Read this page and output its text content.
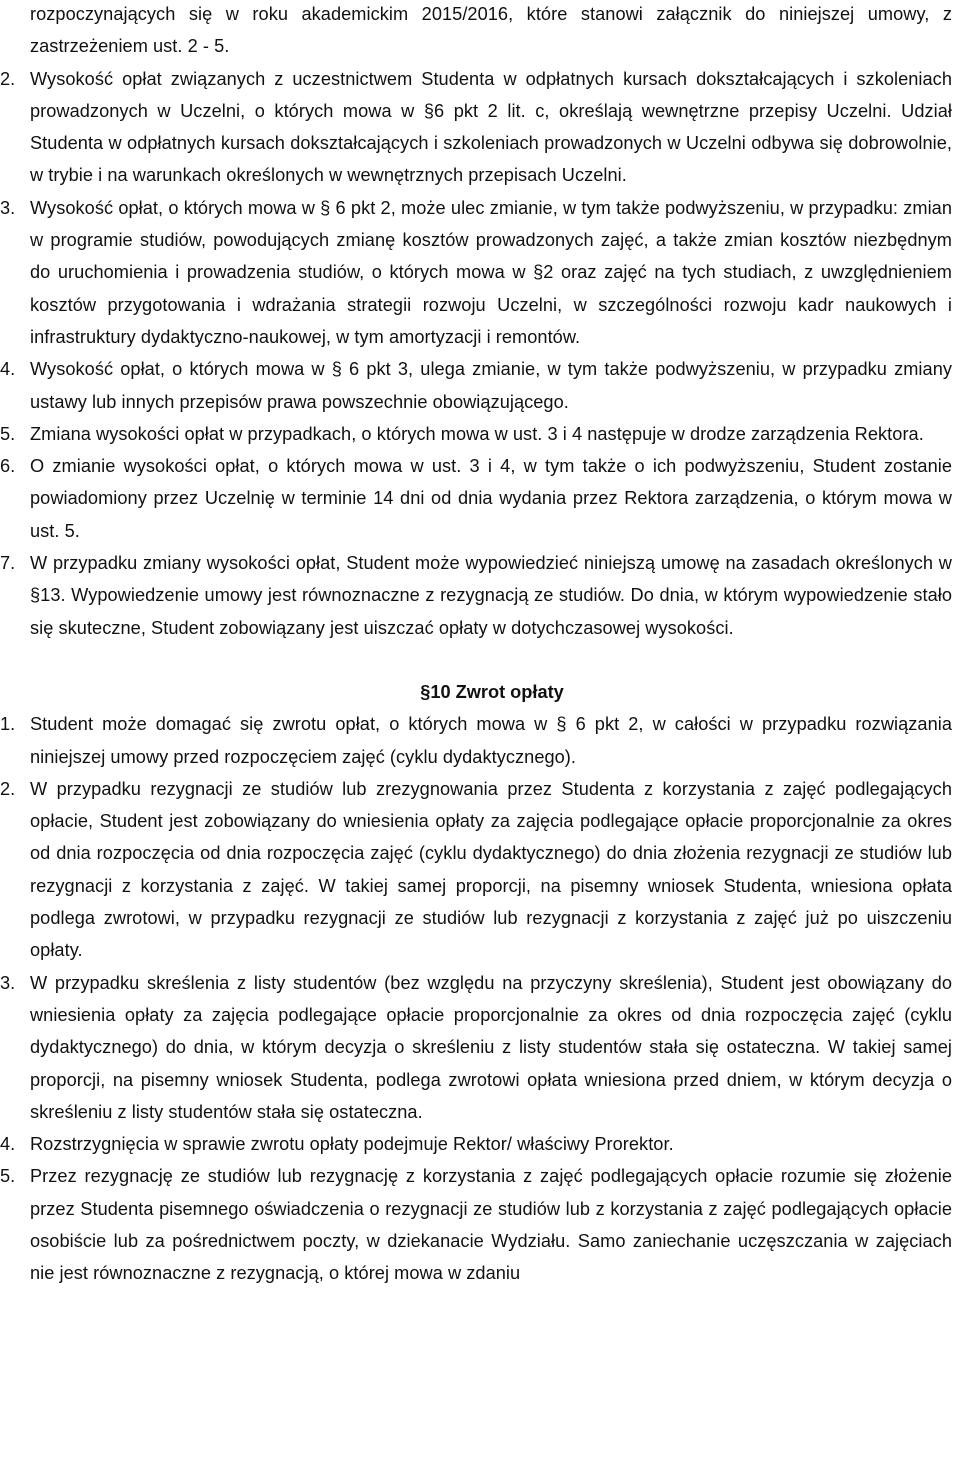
rozpoczynających się w roku akademickim 2015/2016, które stanowi załącznik do niniejszej umowy, z zastrzeżeniem ust. 2 - 5.

2. Wysokość opłat związanych z uczestnictwem Studenta w odpłatnych kursach dokształcających i szkoleniach prowadzonych w Uczelni, o których mowa w §6 pkt 2 lit. c, określają wewnętrzne przepisy Uczelni. Udział Studenta w odpłatnych kursach dokształcających i szkoleniach prowadzonych w Uczelni odbywa się dobrowolnie, w trybie i na warunkach określonych w wewnętrznych przepisach Uczelni.
3. Wysokość opłat, o których mowa w § 6 pkt 2, może ulec zmianie, w tym także podwyższeniu, w przypadku: zmian w programie studiów, powodujących zmianę kosztów prowadzonych zajęć, a także zmian kosztów niezbędnym do uruchomienia i prowadzenia studiów, o których mowa w §2 oraz zajęć na tych studiach, z uwzględnieniem kosztów przygotowania i wdrażania strategii rozwoju Uczelni, w szczególności rozwoju kadr naukowych i infrastruktury dydaktyczno-naukowej, w tym amortyzacji i remontów.
4. Wysokość opłat, o których mowa w § 6 pkt 3, ulega zmianie, w tym także podwyższeniu, w przypadku zmiany ustawy lub innych przepisów prawa powszechnie obowiązującego.
5. Zmiana wysokości opłat w przypadkach, o których mowa w ust. 3 i 4 następuje w drodze zarządzenia Rektora.
6. O zmianie wysokości opłat, o których mowa w ust. 3 i 4, w tym także o ich podwyższeniu, Student zostanie powiadomiony przez Uczelnię w terminie 14 dni od dnia wydania przez Rektora zarządzenia, o którym mowa w ust. 5.
7. W przypadku zmiany wysokości opłat, Student może wypowiedzieć niniejszą umowę na zasadach określonych w §13. Wypowiedzenie umowy jest równoznaczne z rezygnacją ze studiów. Do dnia, w którym wypowiedzenie stało się skuteczne, Student zobowiązany jest uiszczać opłaty w dotychczasowej wysokości.
§10 Zwrot opłaty
1. Student może domagać się zwrotu opłat, o których mowa w § 6 pkt 2, w całości w przypadku rozwiązania niniejszej umowy przed rozpoczęciem zajęć (cyklu dydaktycznego).
2. W przypadku rezygnacji ze studiów lub zrezygnowania przez Studenta z korzystania z zajęć podlegających opłacie, Student jest zobowiązany do wniesienia opłaty za zajęcia podlegające opłacie proporcjonalnie za okres od dnia rozpoczęcia od dnia rozpoczęcia zajęć (cyklu dydaktycznego) do dnia złożenia rezygnacji ze studiów lub rezygnacji z korzystania z zajęć. W takiej samej proporcji, na pisemny wniosek Studenta, wniesiona opłata podlega zwrotowi, w przypadku rezygnacji ze studiów lub rezygnacji z korzystania z zajęć już po uiszczeniu opłaty.
3. W przypadku skreślenia z listy studentów (bez względu na przyczyny skreślenia), Student jest obowiązany do wniesienia opłaty za zajęcia podlegające opłacie proporcjonalnie za okres od dnia rozpoczęcia zajęć (cyklu dydaktycznego) do dnia, w którym decyzja o skreśleniu z listy studentów stała się ostateczna. W takiej samej proporcji, na pisemny wniosek Studenta, podlega zwrotowi opłata wniesiona przed dniem, w którym decyzja o skreśleniu z listy studentów stała się ostateczna.
4. Rozstrzygnięcia w sprawie zwrotu opłaty podejmuje Rektor/ właściwy Prorektor.
5. Przez rezygnację ze studiów lub rezygnację z korzystania z zajęć podlegających opłacie rozumie się złożenie przez Studenta pisemnego oświadczenia o rezygnacji ze studiów lub z korzystania z zajęć podlegających opłacie osobiście lub za pośrednictwem poczty, w dziekanacie Wydziału. Samo zaniechanie uczęszczania w zajęciach nie jest równoznaczne z rezygnacją, o której mowa w zdaniu
